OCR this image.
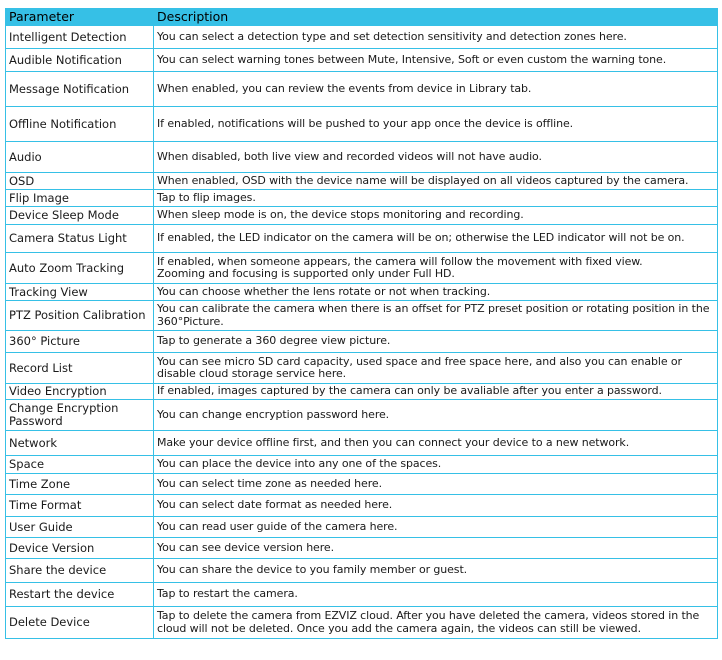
Parameter	Description
Intelligent Detection	You can select a detection type and set detection sensitivity and detection zones here.
Audible Notification	You can select warning tones between Mute, Intensive, Soft or even custom the warning tone.
Message Notification	When enabled, you can review the events from device in Library tab.
Offline Notification	If enabled, notifications will be pushed to your app once the device is offline.
Audio	When disabled, both live view and recorded videos will not have audio.
OSD	When enabled, OSD with the device name will be displayed on all videos captured by the camera.
Flip Image	Tap to flip images.
Device Sleep Mode	When sleep mode is on, the device stops monitoring and recording.
Camera Status Light	If enabled, the LED indicator on the camera will be on; otherwise the LED indicator will not be on.
Auto Zoom Tracking	If enabled, when someone appears, the camera will follow the movement with fixed view.
Zooming and focusing is supported only under Full HD.
Tracking View	You can choose whether the lens rotate or not when tracking.
PTZ Position Calibration	You can calibrate the camera when there is an offset for PTZ preset position or rotating position in the 360°Picture.
360° Picture	Tap to generate a 360 degree view picture.
Record List	You can see micro SD card capacity, used space and free space here, and also you can enable or disable cloud storage service here.
Video Encryption	If enabled, images captured by the camera can only be avaliable after you enter a password.
Change Encryption Password	You can change encryption password here.
Network	Make your device offline first, and then you can connect your device to a new network.
Space	You can place the device into any one of the spaces.
Time Zone	You can select time zone as needed here.
Time Format	You can select date format as needed here.
User Guide	You can read user guide of the camera here.
Device Version	You can see device version here.
Share the device	You can share the device to you family member or guest.
Restart the device	Tap to restart the camera.
Delete Device	Tap to delete the camera from EZVIZ cloud. After you have deleted the camera, videos stored in the cloud will not be deleted. Once you add the camera again, the videos can still be viewed.
